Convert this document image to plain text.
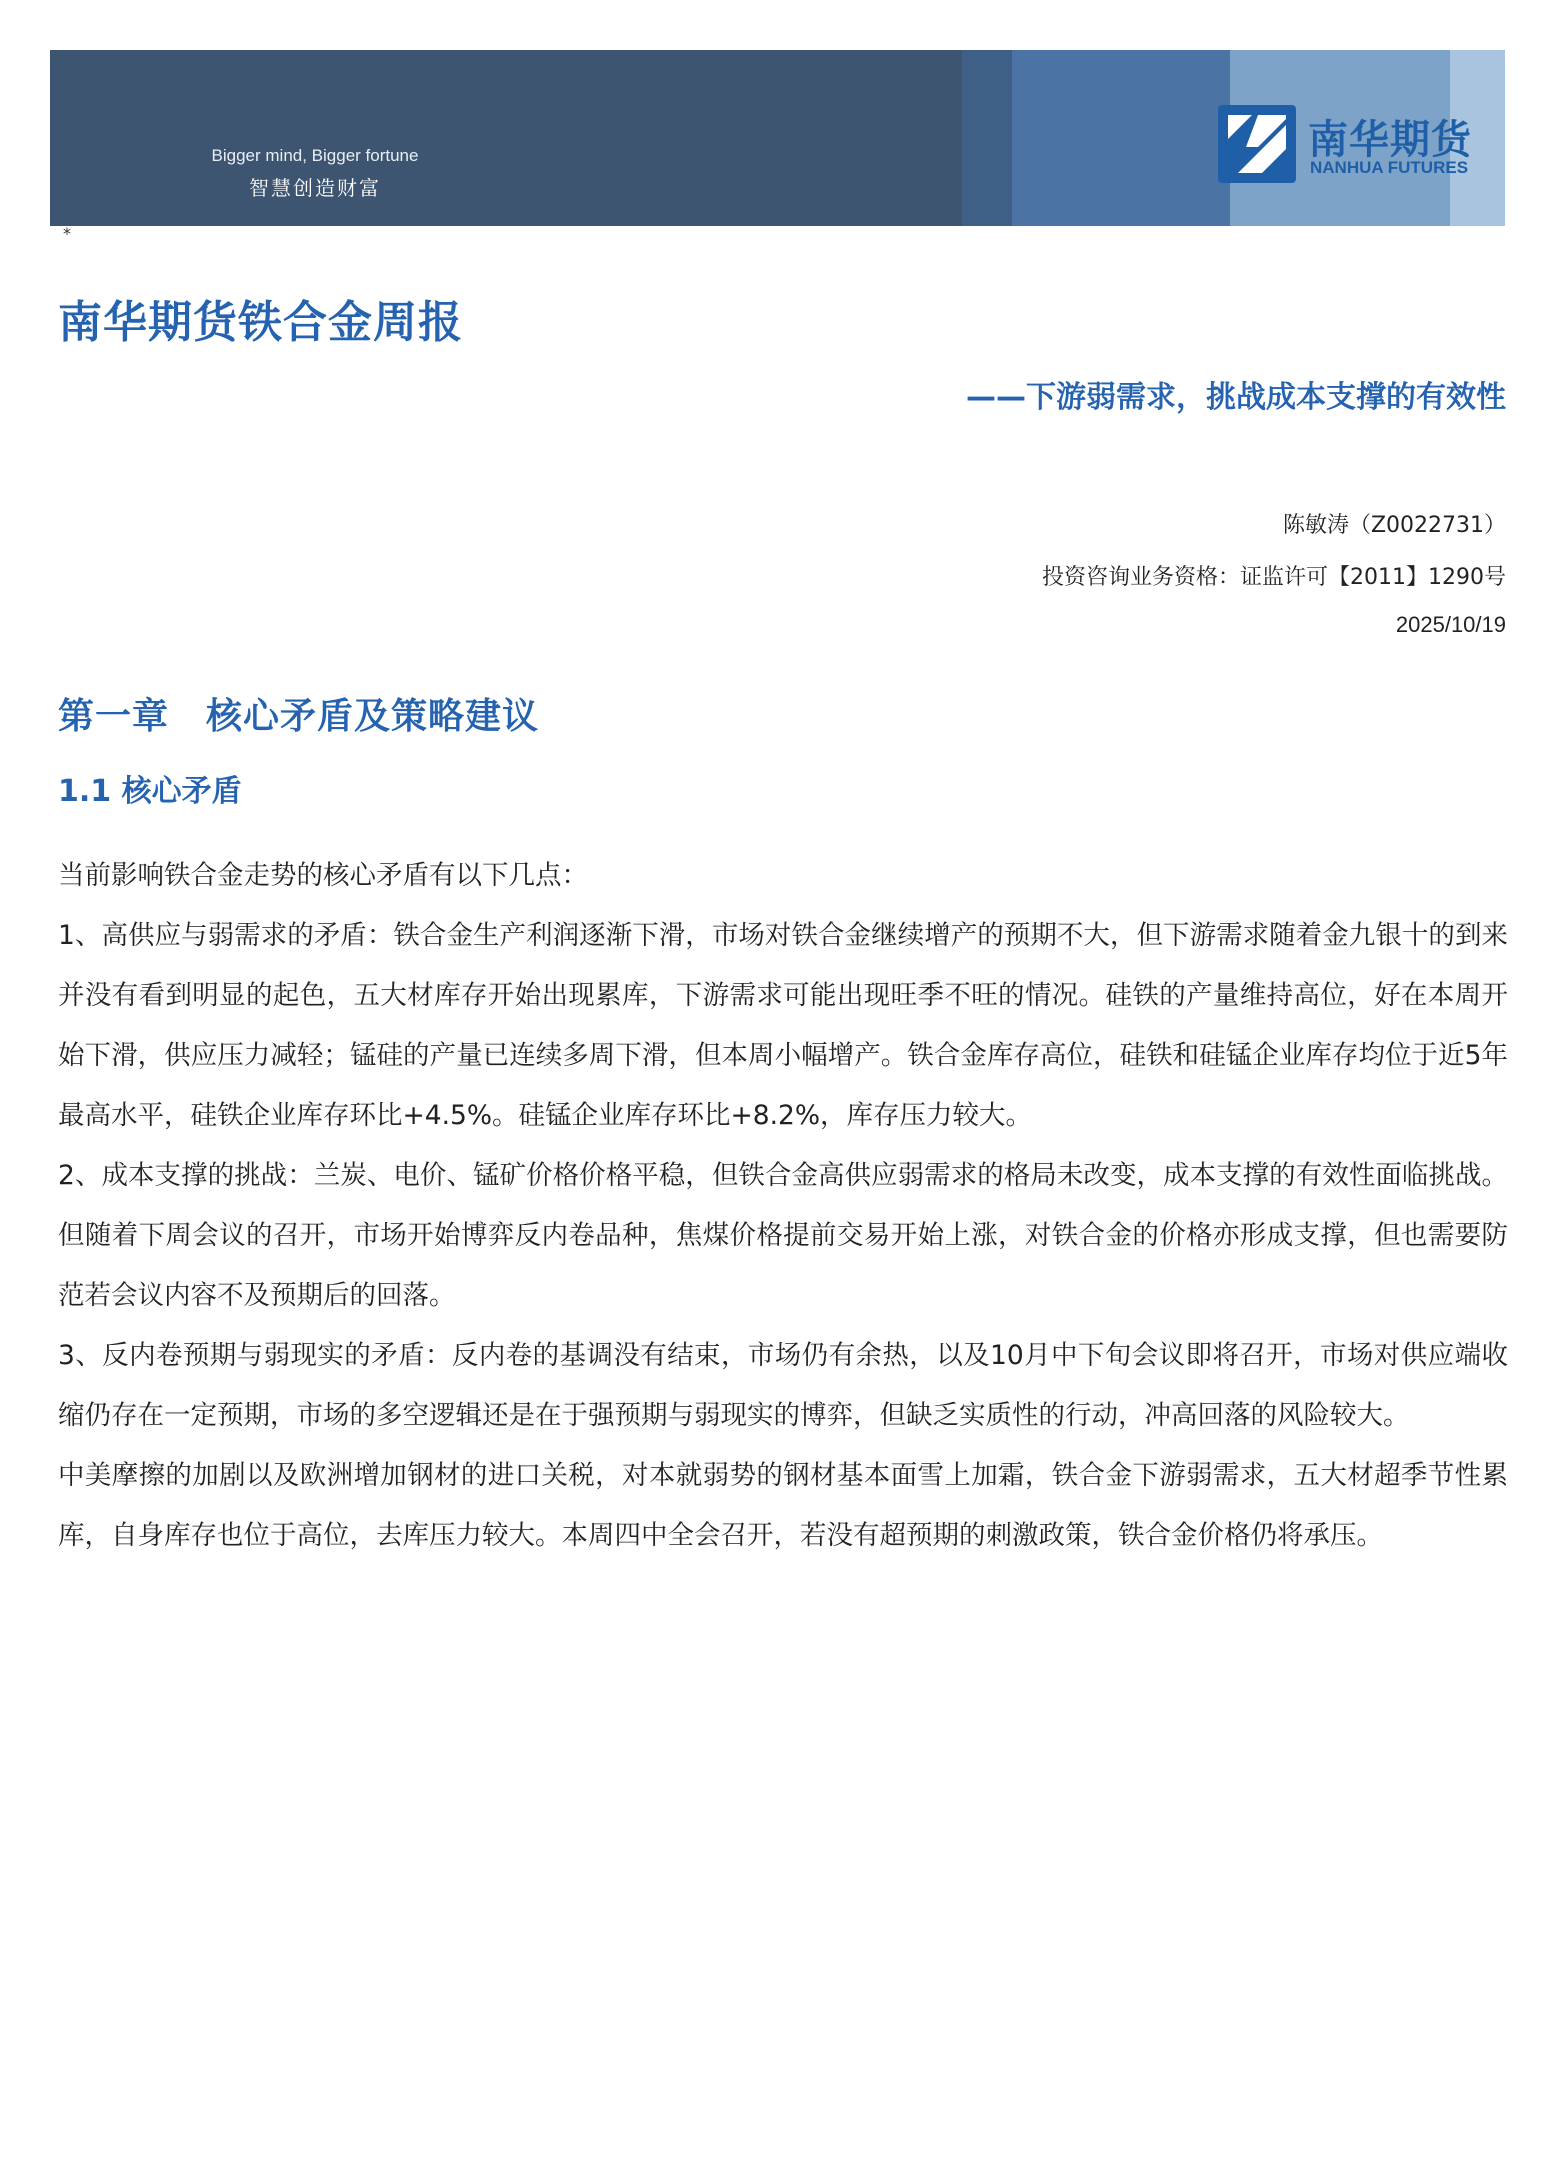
Bigger mind, Bigger fortune
智慧创造财富
南华期货
NANHUA FUTURES
*
南华期货铁合金周报
——下游弱需求，挑战成本支撑的有效性
陈敏涛（Z0022731）
投资咨询业务资格：证监许可【2011】1290号
2025/10/19
第一章　核心矛盾及策略建议
1.1 核心矛盾

当前影响铁合金走势的核心矛盾有以下几点：

1、高供应与弱需求的矛盾：铁合金生产利润逐渐下滑，市场对铁合金继续增产的预期不大，但下游需求随着金九银十的到来并没有看到明显的起色，五大材库存开始出现累库，下游需求可能出现旺季不旺的情况。硅铁的产量维持高位，好在本周开始下滑，供应压力减轻；锰硅的产量已连续多周下滑，但本周小幅增产。铁合金库存高位，硅铁和硅锰企业库存均位于近5年最高水平，硅铁企业库存环比+4.5%。硅锰企业库存环比+8.2%，库存压力较大。

2、成本支撑的挑战：兰炭、电价、锰矿价格价格平稳，但铁合金高供应弱需求的格局未改变，成本支撑的有效性面临挑战。但随着下周会议的召开，市场开始博弈反内卷品种，焦煤价格提前交易开始上涨，对铁合金的价格亦形成支撑，但也需要防范若会议内容不及预期后的回落。

3、反内卷预期与弱现实的矛盾：反内卷的基调没有结束，市场仍有余热，以及10月中下旬会议即将召开，市场对供应端收缩仍存在一定预期，市场的多空逻辑还是在于强预期与弱现实的博弈，但缺乏实质性的行动，冲高回落的风险较大。

中美摩擦的加剧以及欧洲增加钢材的进口关税，对本就弱势的钢材基本面雪上加霜，铁合金下游弱需求，五大材超季节性累库，自身库存也位于高位，去库压力较大。本周四中全会召开，若没有超预期的刺激政策，铁合金价格仍将承压。
